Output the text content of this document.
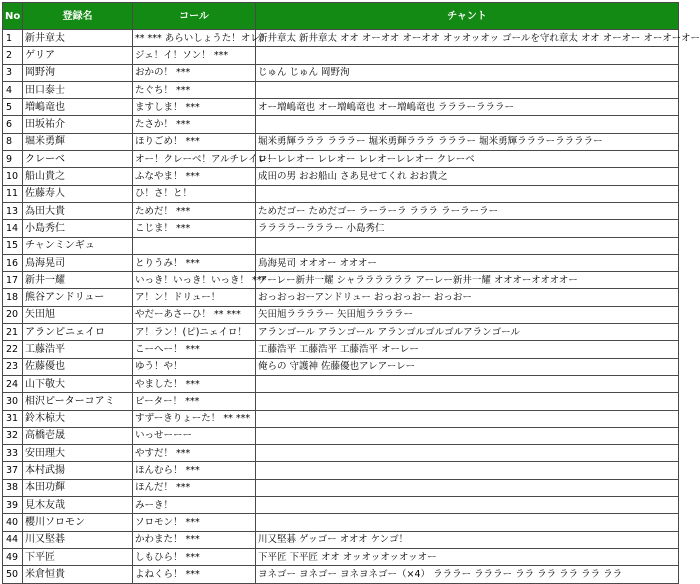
No	登録名	コール	チャント
1	新井章太	** *** あらいしょうた！オレ！	新井章太 新井章太 オオ オーオオ オーオオ オッオッオッ ゴールを守れ章太 オオ オーオー オーオーオー
2	ゲリア	ジェ！イ！ソン！ ***	
3	岡野洵	おかの！ ***	じゅん じゅん 岡野洵
4	田口泰士	たぐち！ ***	
5	増嶋竜也	ますしま！ ***	オー増嶋竜也 オー増嶋竜也 オー増嶋竜也 ラララーラララー
6	田坂祐介	たさか！ ***	
8	堀米勇輝	ほりごめ！ ***	堀米勇輝ラララ ラララー 堀米勇輝ラララ ラララー 堀米勇輝ラララーララララー
9	クレーベ	オー！クレーベ！アルチレイロ！	レーレレオー レレオー レレオーレレオー クレーベ
10	船山貴之	ふなやま！ ***	成田の男 おお船山 さあ見せてくれ おお貴之
11	佐藤寿人	ひ！さ！と！	
13	為田大貴	ためだ！ ***	ためだゴー ためだゴー ラーラーラ ラララ ラーラーラー
14	小島秀仁	こじま！ ***	ララララーラララー 小島秀仁
15	チャンミンギュ		
16	鳥海晃司	とりうみ！ ***	鳥海晃司 オオオー オオオー
17	新井一耀	いっき！いっき！いっき！ ***	アーレー新井一耀 シャララララララ アーレー新井一耀 オオオーオオオオー
18	熊谷アンドリュー	ア！ン！ドリュー！	おっおっおーアンドリュー おっおっおー おっおー
20	矢田旭	やだーあさーひ！ ** ***	矢田旭ララララー 矢田旭ララララー
21	アランピニェイロ	ア！ラン！(ピ)ニェイロ！	アランゴール アランゴール アランゴルゴルゴルアランゴール
22	工藤浩平	こーへー！ ***	工藤浩平 工藤浩平 工藤浩平 オーレー
23	佐藤優也	ゆう！や！	俺らの 守護神 佐藤優也アレアーレー
24	山下敬大	やました！ ***	
30	相沢ピーターコアミ	ピーター！ ***	
31	鈴木椋大	すずーきりょーた！ ** ***	
32	高橋壱晟	いっせーーー	
33	安田理大	やすだ！ ***	
37	本村武揚	ほんむら！ ***	
38	本田功輝	ほんだ！ ***	
39	見木友哉	みーき！	
40	櫻川ソロモン	ソロモン！ ***	
44	川又堅碁	かわまた！ ***	川又堅碁 ゲッゴー オオオ ケンゴ！
49	下平匠	しもひら！ ***	下平匠 下平匠 オオ オッオッオッオッオー
50	米倉恒貴	よねくら！ ***	ヨネゴー ヨネゴー ヨネヨネゴー（×4） ラララー ラララー ララ ララ ララ ララ ララ
